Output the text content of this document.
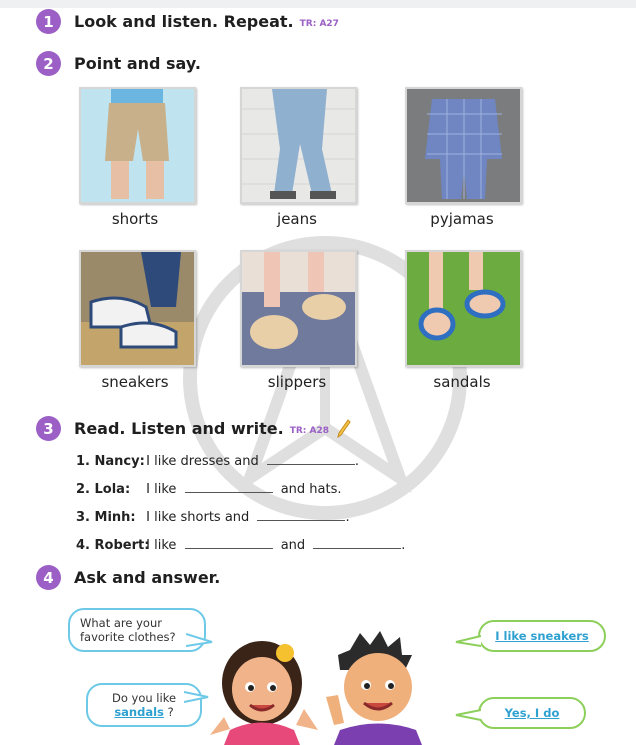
1	Look and listen. Repeat. TR: A27
2	Point and say.
shorts	jeans	pyjamas
sneakers	slippers	sandals
3	Read. Listen and write. TR: A28
1. Nancy: I like dresses and	.
2. Lola: I like	and hats.
3. Minh: I like shorts and	.
4. Robert: I like	and	.
4	Ask and answer.
What are your favorite clothes?	I like sneakers
Do you like
sandals ?	Yes, I do
